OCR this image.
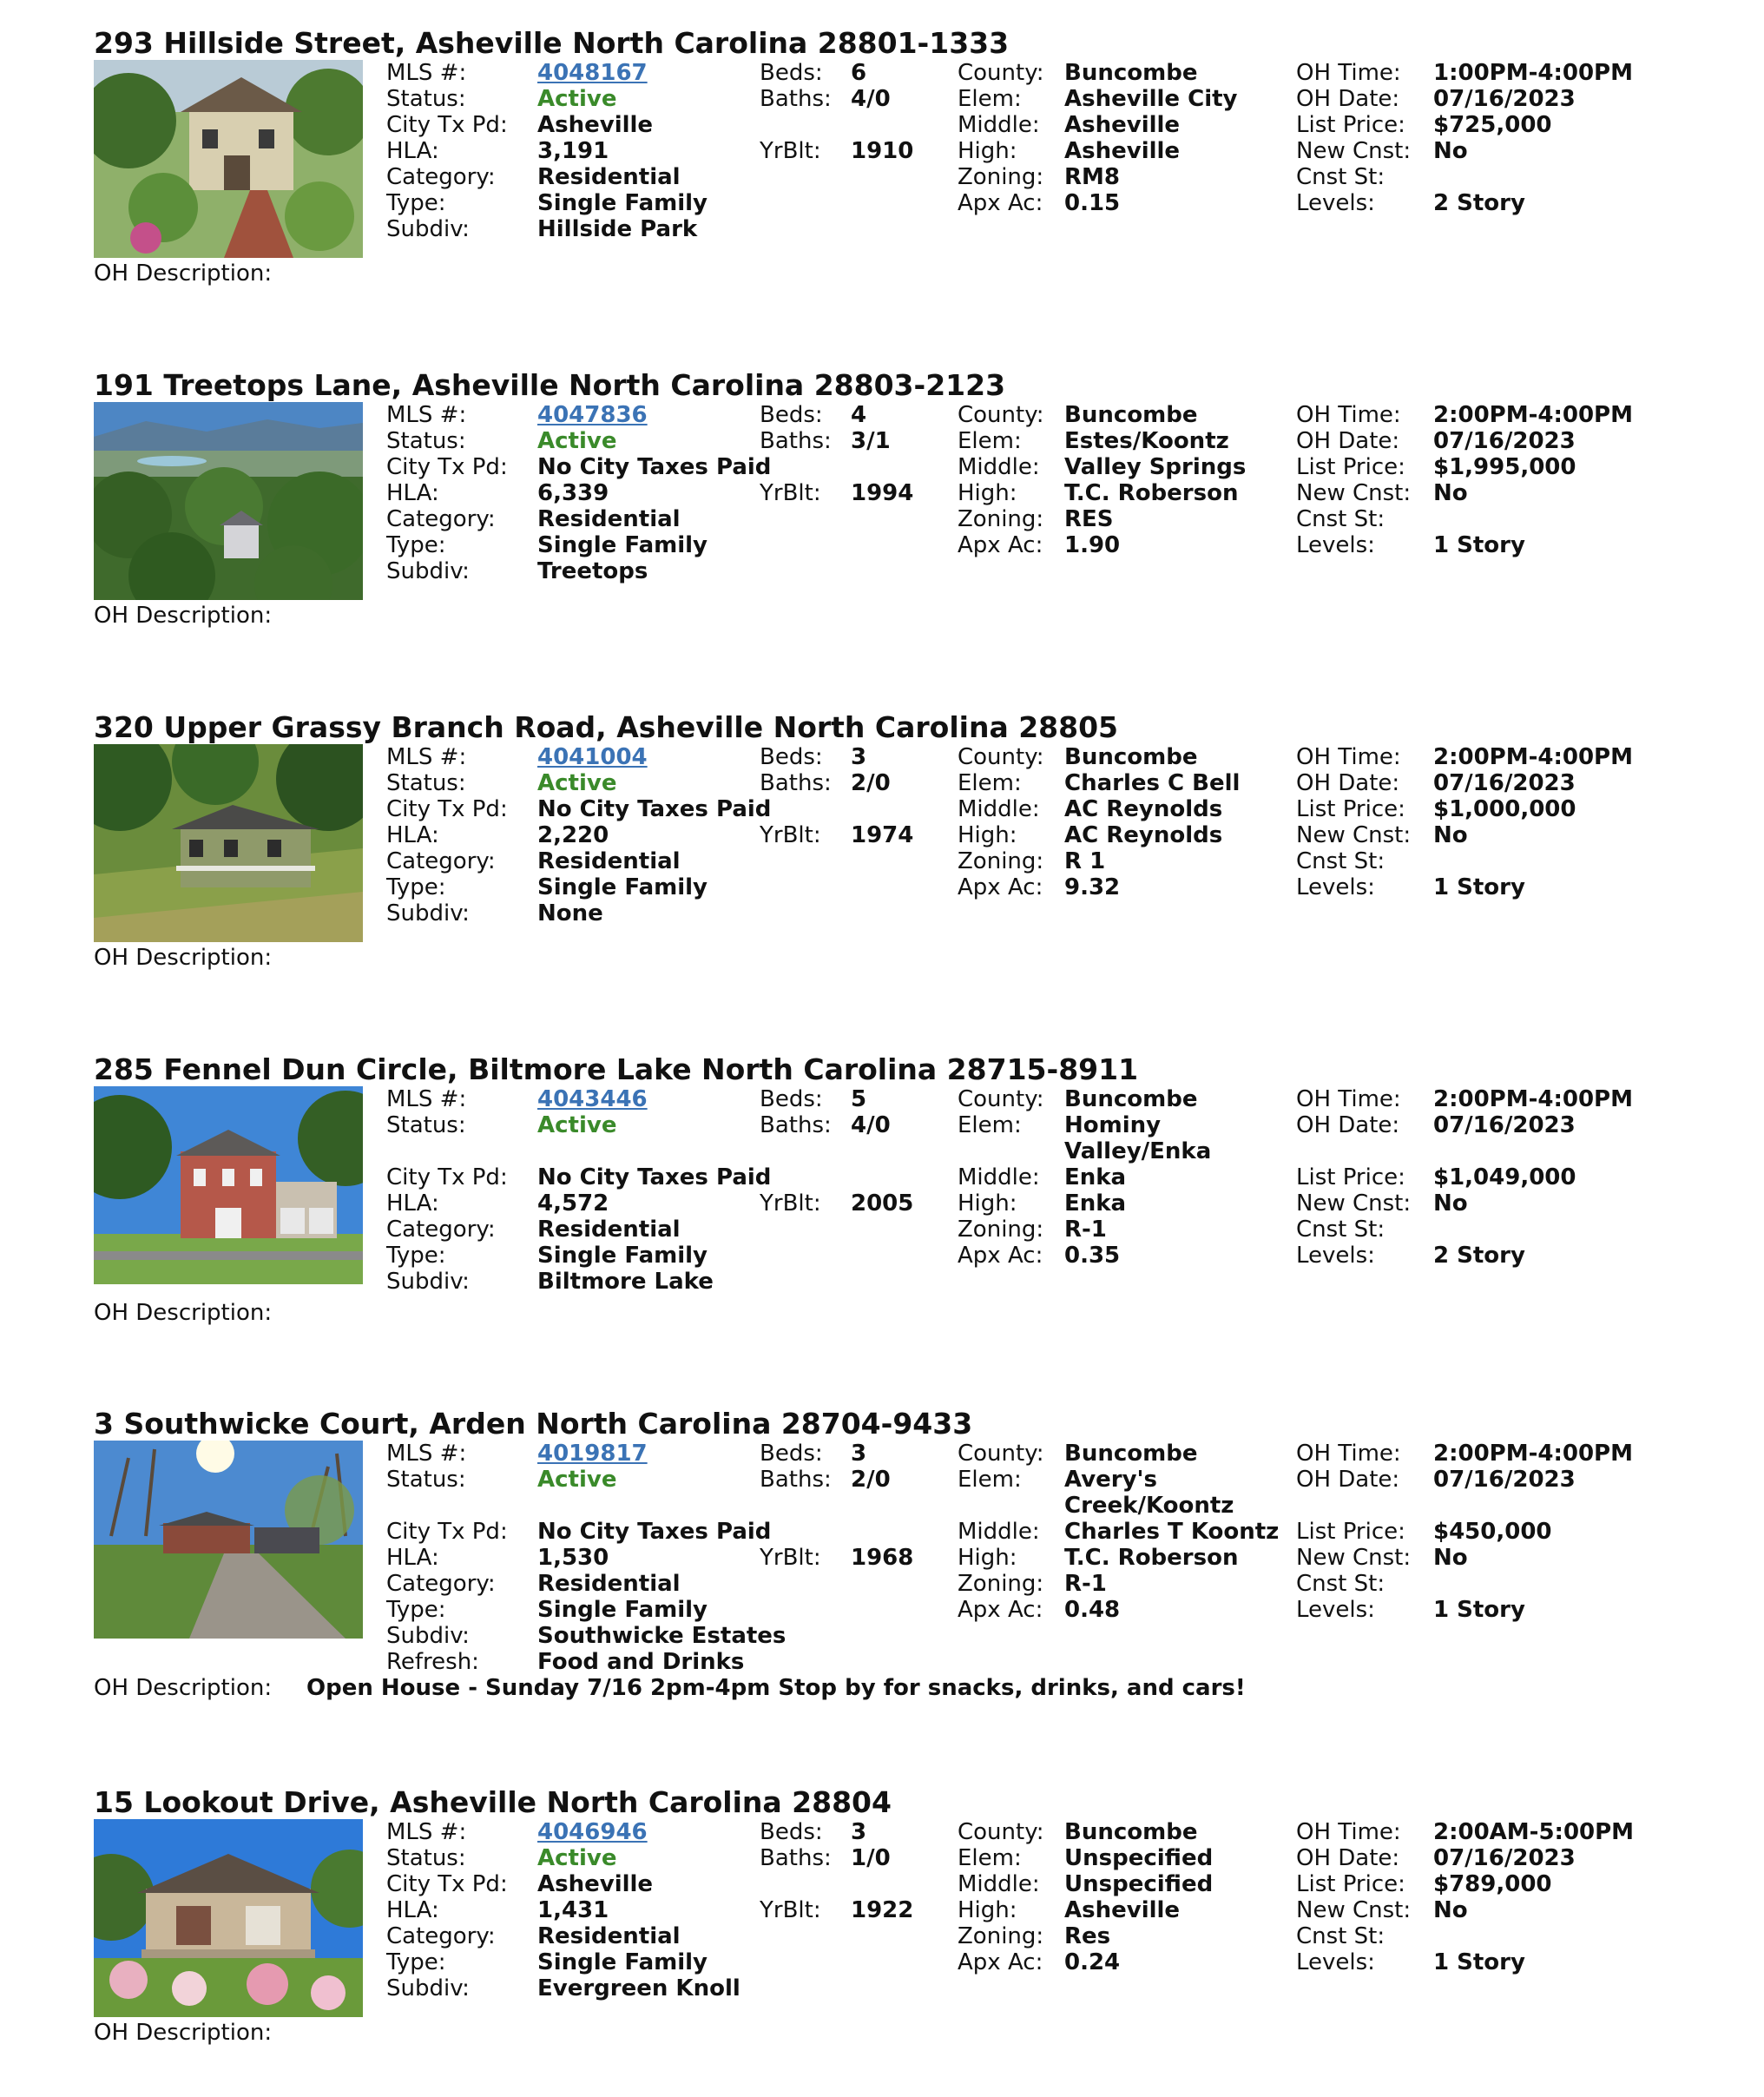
293 Hillside Street, Asheville North Carolina 28801-1333
MLS #:	4048167
Status:	Active
City Tx Pd: Asheville
HLA:	3,191
Category: Residential
Type:	Single Family
Subdiv:	Hillside Park
Beds: 6
Baths: 4/0
YrBlt: 1910
County: Buncombe
Elem: Asheville City
Middle: Asheville
High: Asheville
Zoning: RM8
Apx Ac: 0.15
OH Time: 1:00PM-4:00PM
OH Date: 07/16/2023
List Price: $725,000
New Cnst: No
Cnst St:
Levels:	2 Story
OH Description:
191 Treetops Lane, Asheville North Carolina 28803-2123
MLS #:	4047836
Status:	Active
City Tx Pd: No City Taxes Paid
HLA:	6,339
Category: Residential
Type:	Single Family
Subdiv:	Treetops
Beds: 4
Baths: 3/1
YrBlt: 1994
County: Buncombe
Elem: Estes/Koontz
Middle: Valley Springs
High: T.C. Roberson
Zoning: RES
Apx Ac: 1.90
OH Time: 2:00PM-4:00PM
OH Date: 07/16/2023
List Price: $1,995,000
New Cnst: No
Cnst St:
Levels:	1 Story
OH Description:
320 Upper Grassy Branch Road, Asheville North Carolina 28805
MLS #:	4041004
Status:	Active
City Tx Pd: No City Taxes Paid
HLA:	2,220
Category: Residential
Type:	Single Family
Subdiv:	None
Beds: 3
Baths: 2/0
YrBlt: 1974
County: Buncombe
Elem: Charles C Bell
Middle: AC Reynolds
High: AC Reynolds
Zoning: R 1
Apx Ac: 9.32
OH Time: 2:00PM-4:00PM
OH Date: 07/16/2023
List Price: $1,000,000
New Cnst: No
Cnst St:
Levels:	1 Story
OH Description:
285 Fennel Dun Circle, Biltmore Lake North Carolina 28715-8911
MLS #:	4043446
Status:	Active
City Tx Pd: No City Taxes Paid
HLA:	4,572
Category: Residential
Type:	Single Family
Subdiv:	Biltmore Lake
Beds: 5
Baths: 4/0
YrBlt: 2005
County: Buncombe
Elem: Hominy
Valley/Enka
Middle: Enka
High: Enka
Zoning: R-1
Apx Ac: 0.35
OH Time: 2:00PM-4:00PM
OH Date: 07/16/2023
List Price: $1,049,000
New Cnst: No
Cnst St:
Levels:	2 Story
OH Description:
3 Southwicke Court, Arden North Carolina 28704-9433
MLS #:	4019817
Status:	Active
City Tx Pd: No City Taxes Paid
HLA:	1,530
Category: Residential
Type:	Single Family
Subdiv:	Southwicke Estates
Refresh:	Food and Drinks
Beds: 3
Baths: 2/0
YrBlt: 1968
County: Buncombe
Elem: Avery's
Creek/Koontz
Middle: Charles T Koontz
High: T.C. Roberson
Zoning: R-1
Apx Ac: 0.48
OH Time: 2:00PM-4:00PM
OH Date: 07/16/2023
List Price: $450,000
New Cnst: No
Cnst St:
Levels:	1 Story
OH Description: Open House - Sunday 7/16 2pm-4pm Stop by for snacks, drinks, and cars!
15 Lookout Drive, Asheville North Carolina 28804
MLS #:	4046946
Status:	Active
City Tx Pd: Asheville
HLA:	1,431
Category: Residential
Type:	Single Family
Subdiv:	Evergreen Knoll
Beds: 3
Baths: 1/0
YrBlt: 1922
County: Buncombe
Elem: Unspecified
Middle: Unspecified
High: Asheville
Zoning: Res
Apx Ac: 0.24
OH Time: 2:00AM-5:00PM
OH Date: 07/16/2023
List Price: $789,000
New Cnst: No
Cnst St:
Levels:	1 Story
OH Description:
